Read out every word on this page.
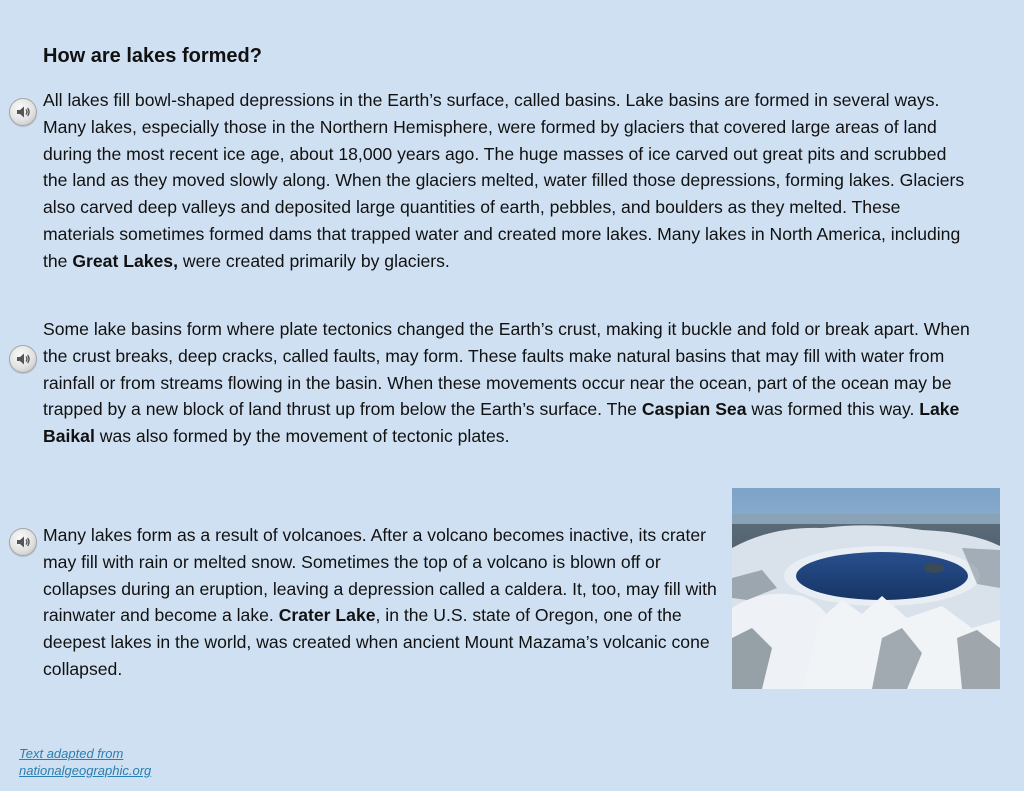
How are lakes formed?

All lakes fill bowl-shaped depressions in the Earth’s surface, called basins. Lake basins are formed in several ways. Many lakes, especially those in the Northern Hemisphere, were formed by glaciers that covered large areas of land during the most recent ice age, about 18,000 years ago. The huge masses of ice carved out great pits and scrubbed the land as they moved slowly along. When the glaciers melted, water filled those depressions, forming lakes. Glaciers also carved deep valleys and deposited large quantities of earth, pebbles, and boulders as they melted. These materials sometimes formed dams that trapped water and created more lakes. Many lakes in North America, including the Great Lakes, were created primarily by glaciers.

Some lake basins form where plate tectonics changed the Earth’s crust, making it buckle and fold or break apart. When the crust breaks, deep cracks, called faults, may form. These faults make natural basins that may fill with water from rainfall or from streams flowing in the basin. When these movements occur near the ocean, part of the ocean may be trapped by a new block of land thrust up from below the Earth’s surface. The Caspian Sea was formed this way. Lake Baikal was also formed by the movement of tectonic plates.

Many lakes form as a result of volcanoes. After a volcano becomes inactive, its crater may fill with rain or melted snow. Sometimes the top of a volcano is blown off or collapses during an eruption, leaving a depression called a caldera. It, too, may fill with rainwater and become a lake. Crater Lake, in the U.S. state of Oregon, one of the deepest lakes in the world, was created when ancient Mount Mazama’s volcanic cone collapsed.

Text adapted from
nationalgeographic.org
